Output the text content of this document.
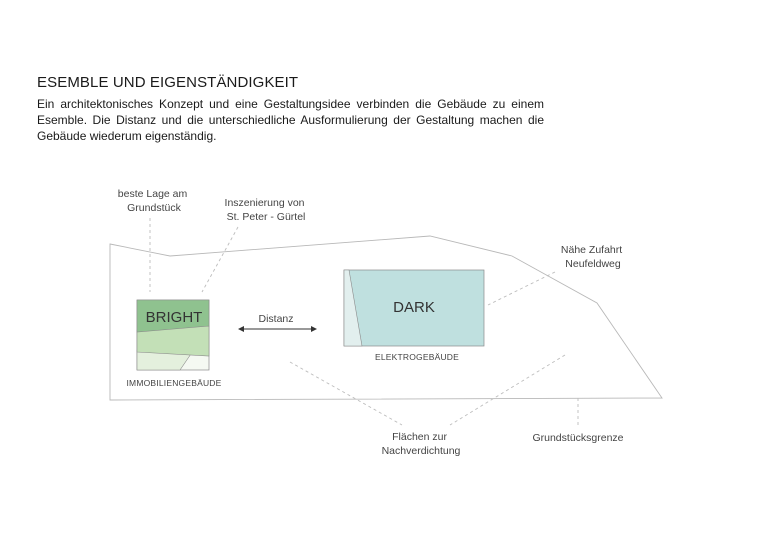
ESEMBLE UND EIGENSTÄNDIGKEIT

Ein architektonisches Konzept und eine Gestaltungsidee verbinden die Gebäude zu einem Esemble. Die Distanz und die unterschiedliche Ausformulierung der Gestaltung machen die Gebäude wiederum eigenständig.

BRIGHT
IMMOBILIENGEBÄUDE
Distanz
DARK
ELEKTROGEBÄUDE
beste Lage am Grundstück	Inszenierung von St. Peter - Gürtel
Nähe Zufahrt Neufeldweg
Flächen zur Nachverdichtung
Grundstücksgrenze
